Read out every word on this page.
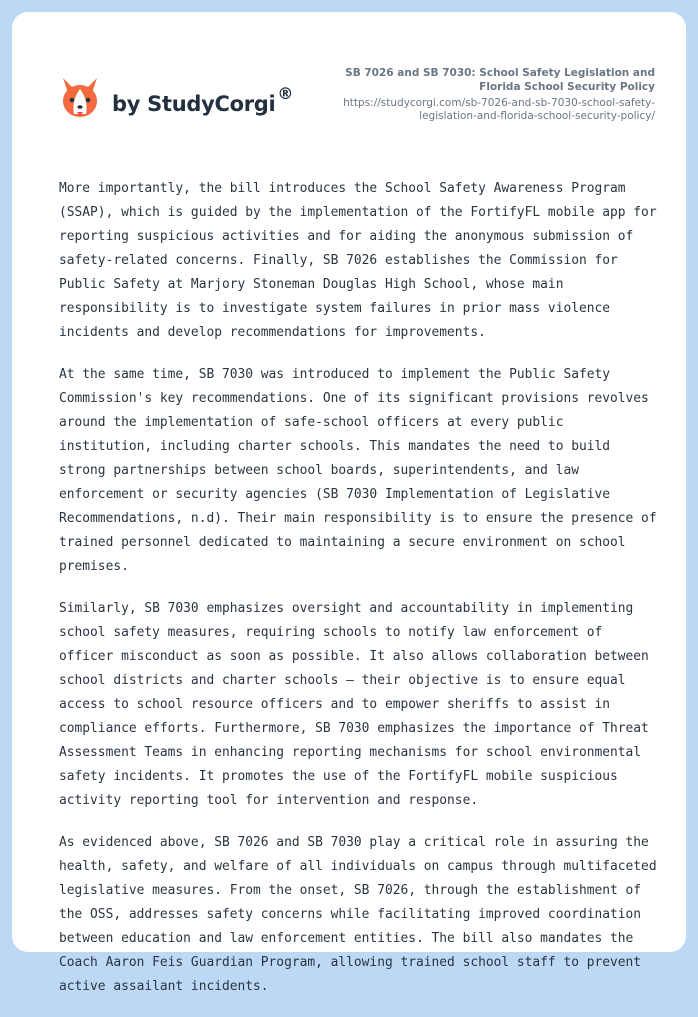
by StudyCorgi ®
SB 7026 and SB 7030: School Safety Legislation and Florida School Security Policy
https://studycorgi.com/sb-7026-and-sb-7030-school-safety-legislation-and-florida-school-security-policy/

More importantly, the bill introduces the School Safety Awareness Program (SSAP), which is guided by the implementation of the FortifyFL mobile app for reporting suspicious activities and for aiding the anonymous submission of safety-related concerns. Finally, SB 7026 establishes the Commission for Public Safety at Marjory Stoneman Douglas High School, whose main responsibility is to investigate system failures in prior mass violence incidents and develop recommendations for improvements.

At the same time, SB 7030 was introduced to implement the Public Safety Commission's key recommendations. One of its significant provisions revolves around the implementation of safe-school officers at every public institution, including charter schools. This mandates the need to build strong partnerships between school boards, superintendents, and law enforcement or security agencies (SB 7030 Implementation of Legislative Recommendations, n.d). Their main responsibility is to ensure the presence of trained personnel dedicated to maintaining a secure environment on school premises.

Similarly, SB 7030 emphasizes oversight and accountability in implementing school safety measures, requiring schools to notify law enforcement of officer misconduct as soon as possible. It also allows collaboration between school districts and charter schools – their objective is to ensure equal access to school resource officers and to empower sheriffs to assist in compliance efforts. Furthermore, SB 7030 emphasizes the importance of Threat Assessment Teams in enhancing reporting mechanisms for school environmental safety incidents. It promotes the use of the FortifyFL mobile suspicious activity reporting tool for intervention and response.

As evidenced above, SB 7026 and SB 7030 play a critical role in assuring the health, safety, and welfare of all individuals on campus through multifaceted legislative measures. From the onset, SB 7026, through the establishment of the OSS, addresses safety concerns while facilitating improved coordination between education and law enforcement entities. The bill also mandates the Coach Aaron Feis Guardian Program, allowing trained school staff to prevent active assailant incidents.
